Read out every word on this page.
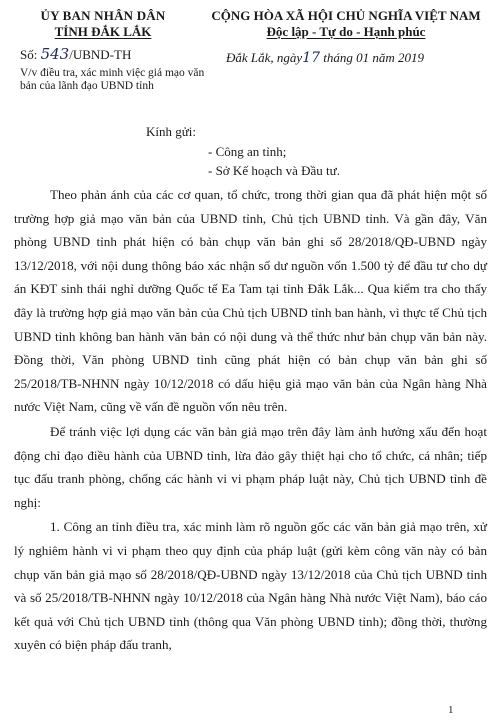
ỦY BAN NHÂN DÂN
TỈNH ĐẮK LẮK
CỘNG HÒA XÃ HỘI CHỦ NGHĨA VIỆT NAM
Độc lập - Tự do - Hạnh phúc
Số: 543/UBND-TH	Đắk Lắk, ngày17 tháng 01 năm 2019
V/v điều tra, xác minh việc giả mạo văn bản của lãnh đạo UBND tỉnh
Kính gửi:
- Công an tỉnh;
- Sở Kế hoạch và Đầu tư.

Theo phản ánh của các cơ quan, tổ chức, trong thời gian qua đã phát hiện một số trường hợp giả mạo văn bản của UBND tỉnh, Chủ tịch UBND tỉnh. Và gần đây, Văn phòng UBND tỉnh phát hiện có bản chụp văn bản ghi số 28/2018/QĐ-UBND ngày 13/12/2018, với nội dung thông báo xác nhận số dư nguồn vốn 1.500 tỷ để đầu tư cho dự án KĐT sinh thái nghỉ dưỡng Quốc tế Ea Tam tại tỉnh Đắk Lắk... Qua kiểm tra cho thấy đây là trường hợp giả mạo văn bản của Chủ tịch UBND tỉnh ban hành, vì thực tế Chủ tịch UBND tỉnh không ban hành văn bản có nội dung và thể thức như bản chụp văn bản này. Đồng thời, Văn phòng UBND tỉnh cũng phát hiện có bản chụp văn bản ghi số 25/2018/TB-NHNN ngày 10/12/2018 có dấu hiệu giả mạo văn bản của Ngân hàng Nhà nước Việt Nam, cũng về vấn đề nguồn vốn nêu trên.

Để tránh việc lợi dụng các văn bản giả mạo trên đây làm ảnh hưởng xấu đến hoạt động chỉ đạo điều hành của UBND tỉnh, lừa đảo gây thiệt hại cho tổ chức, cá nhân; tiếp tục đấu tranh phòng, chống các hành vi vi phạm pháp luật này, Chủ tịch UBND tỉnh đề nghị:

1. Công an tỉnh điều tra, xác minh làm rõ nguồn gốc các văn bản giả mạo trên, xử lý nghiêm hành vi vi phạm theo quy định của pháp luật (gửi kèm công văn này có bản chụp văn bản giả mạo số 28/2018/QĐ-UBND ngày 13/12/2018 của Chủ tịch UBND tỉnh và số 25/2018/TB-NHNN ngày 10/12/2018 của Ngân hàng Nhà nước Việt Nam), báo cáo kết quả với Chủ tịch UBND tỉnh (thông qua Văn phòng UBND tỉnh); đồng thời, thường xuyên có biện pháp đấu tranh,

1
